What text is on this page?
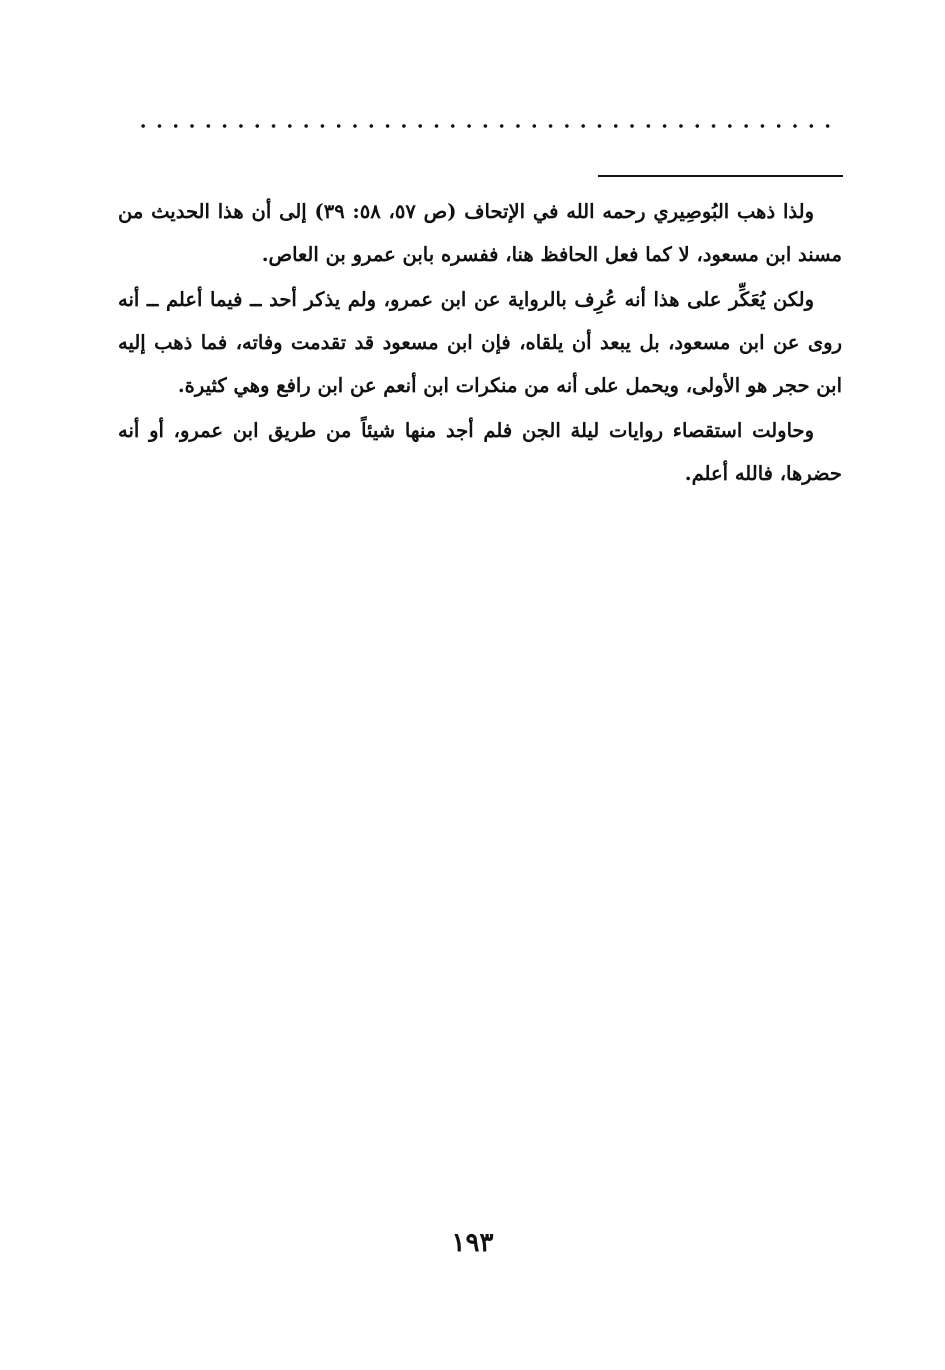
ولذا ذهب البُوصِيري رحمه الله في الإتحاف (ص ٥٧، ٥٨: ٣٩) إلى أن هذا الحديث من مسند ابن مسعود، لا كما فعل الحافظ هنا، ففسره بابن عمرو بن العاص.

ولكن يُعَكِّر على هذا أنه عُرِف بالرواية عن ابن عمرو، ولم يذكر أحد ــ فيما أعلم ــ أنه روى عن ابن مسعود، بل يبعد أن يلقاه، فإن ابن مسعود قد تقدمت وفاته، فما ذهب إليه ابن حجر هو الأولى، ويحمل على أنه من منكرات ابن أنعم عن ابن رافع وهي كثيرة.

وحاولت استقصاء روايات ليلة الجن فلم أجد منها شيئاً من طريق ابن عمرو، أو أنه حضرها، فالله أعلم.

١٩٣
